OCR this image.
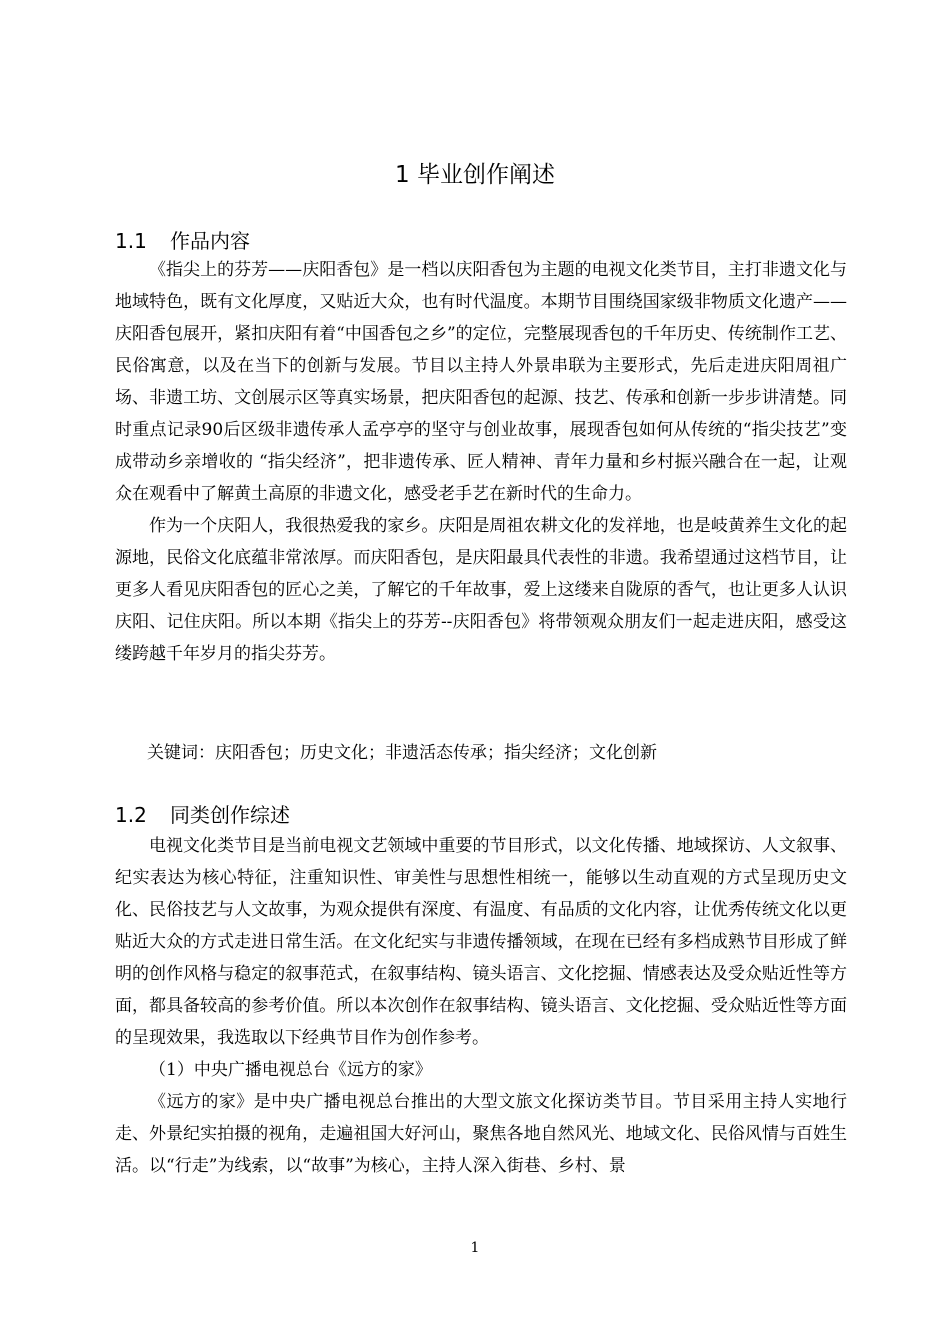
1 毕业创作阐述
1.1 作品内容

《指尖上的芬芳——庆阳香包》是一档以庆阳香包为主题的电视文化类节目，主打非遗文化与地域特色，既有文化厚度，又贴近大众，也有时代温度。本期节目围绕国家级非物质文化遗产——庆阳香包展开，紧扣庆阳有着“中国香包之乡”的定位，完整展现香包的千年历史、传统制作工艺、民俗寓意，以及在当下的创新与发展。节目以主持人外景串联为主要形式，先后走进庆阳周祖广场、非遗工坊、文创展示区等真实场景，把庆阳香包的起源、技艺、传承和创新一步步讲清楚。同时重点记录90后区级非遗传承人孟亭亭的坚守与创业故事，展现香包如何从传统的“指尖技艺”变成带动乡亲增收的 “指尖经济”，把非遗传承、匠人精神、青年力量和乡村振兴融合在一起，让观众在观看中了解黄土高原的非遗文化，感受老手艺在新时代的生命力。

作为一个庆阳人，我很热爱我的家乡。庆阳是周祖农耕文化的发祥地，也是岐黄养生文化的起源地，民俗文化底蕴非常浓厚。而庆阳香包，是庆阳最具代表性的非遗。我希望通过这档节目，让更多人看见庆阳香包的匠心之美，了解它的千年故事，爱上这缕来自陇原的香气，也让更多人认识庆阳、记住庆阳。所以本期《指尖上的芬芳--庆阳香包》将带领观众朋友们一起走进庆阳，感受这缕跨越千年岁月的指尖芬芳。

关键词：庆阳香包；历史文化；非遗活态传承；指尖经济；文化创新
1.2 同类创作综述

电视文化类节目是当前电视文艺领域中重要的节目形式，以文化传播、地域探访、人文叙事、纪实表达为核心特征，注重知识性、审美性与思想性相统一，能够以生动直观的方式呈现历史文化、民俗技艺与人文故事，为观众提供有深度、有温度、有品质的文化内容，让优秀传统文化以更贴近大众的方式走进日常生活。在文化纪实与非遗传播领域，在现在已经有多档成熟节目形成了鲜明的创作风格与稳定的叙事范式，在叙事结构、镜头语言、文化挖掘、情感表达及受众贴近性等方面，都具备较高的参考价值。所以本次创作在叙事结构、镜头语言、文化挖掘、受众贴近性等方面的呈现效果，我选取以下经典节目作为创作参考。

（1）中央广播电视总台《远方的家》

《远方的家》是中央广播电视总台推出的大型文旅文化探访类节目。节目采用主持人实地行走、外景纪实拍摄的视角，走遍祖国大好河山，聚焦各地自然风光、地域文化、民俗风情与百姓生活。以“行走”为线索，以“故事”为核心，主持人深入街巷、乡村、景

1
